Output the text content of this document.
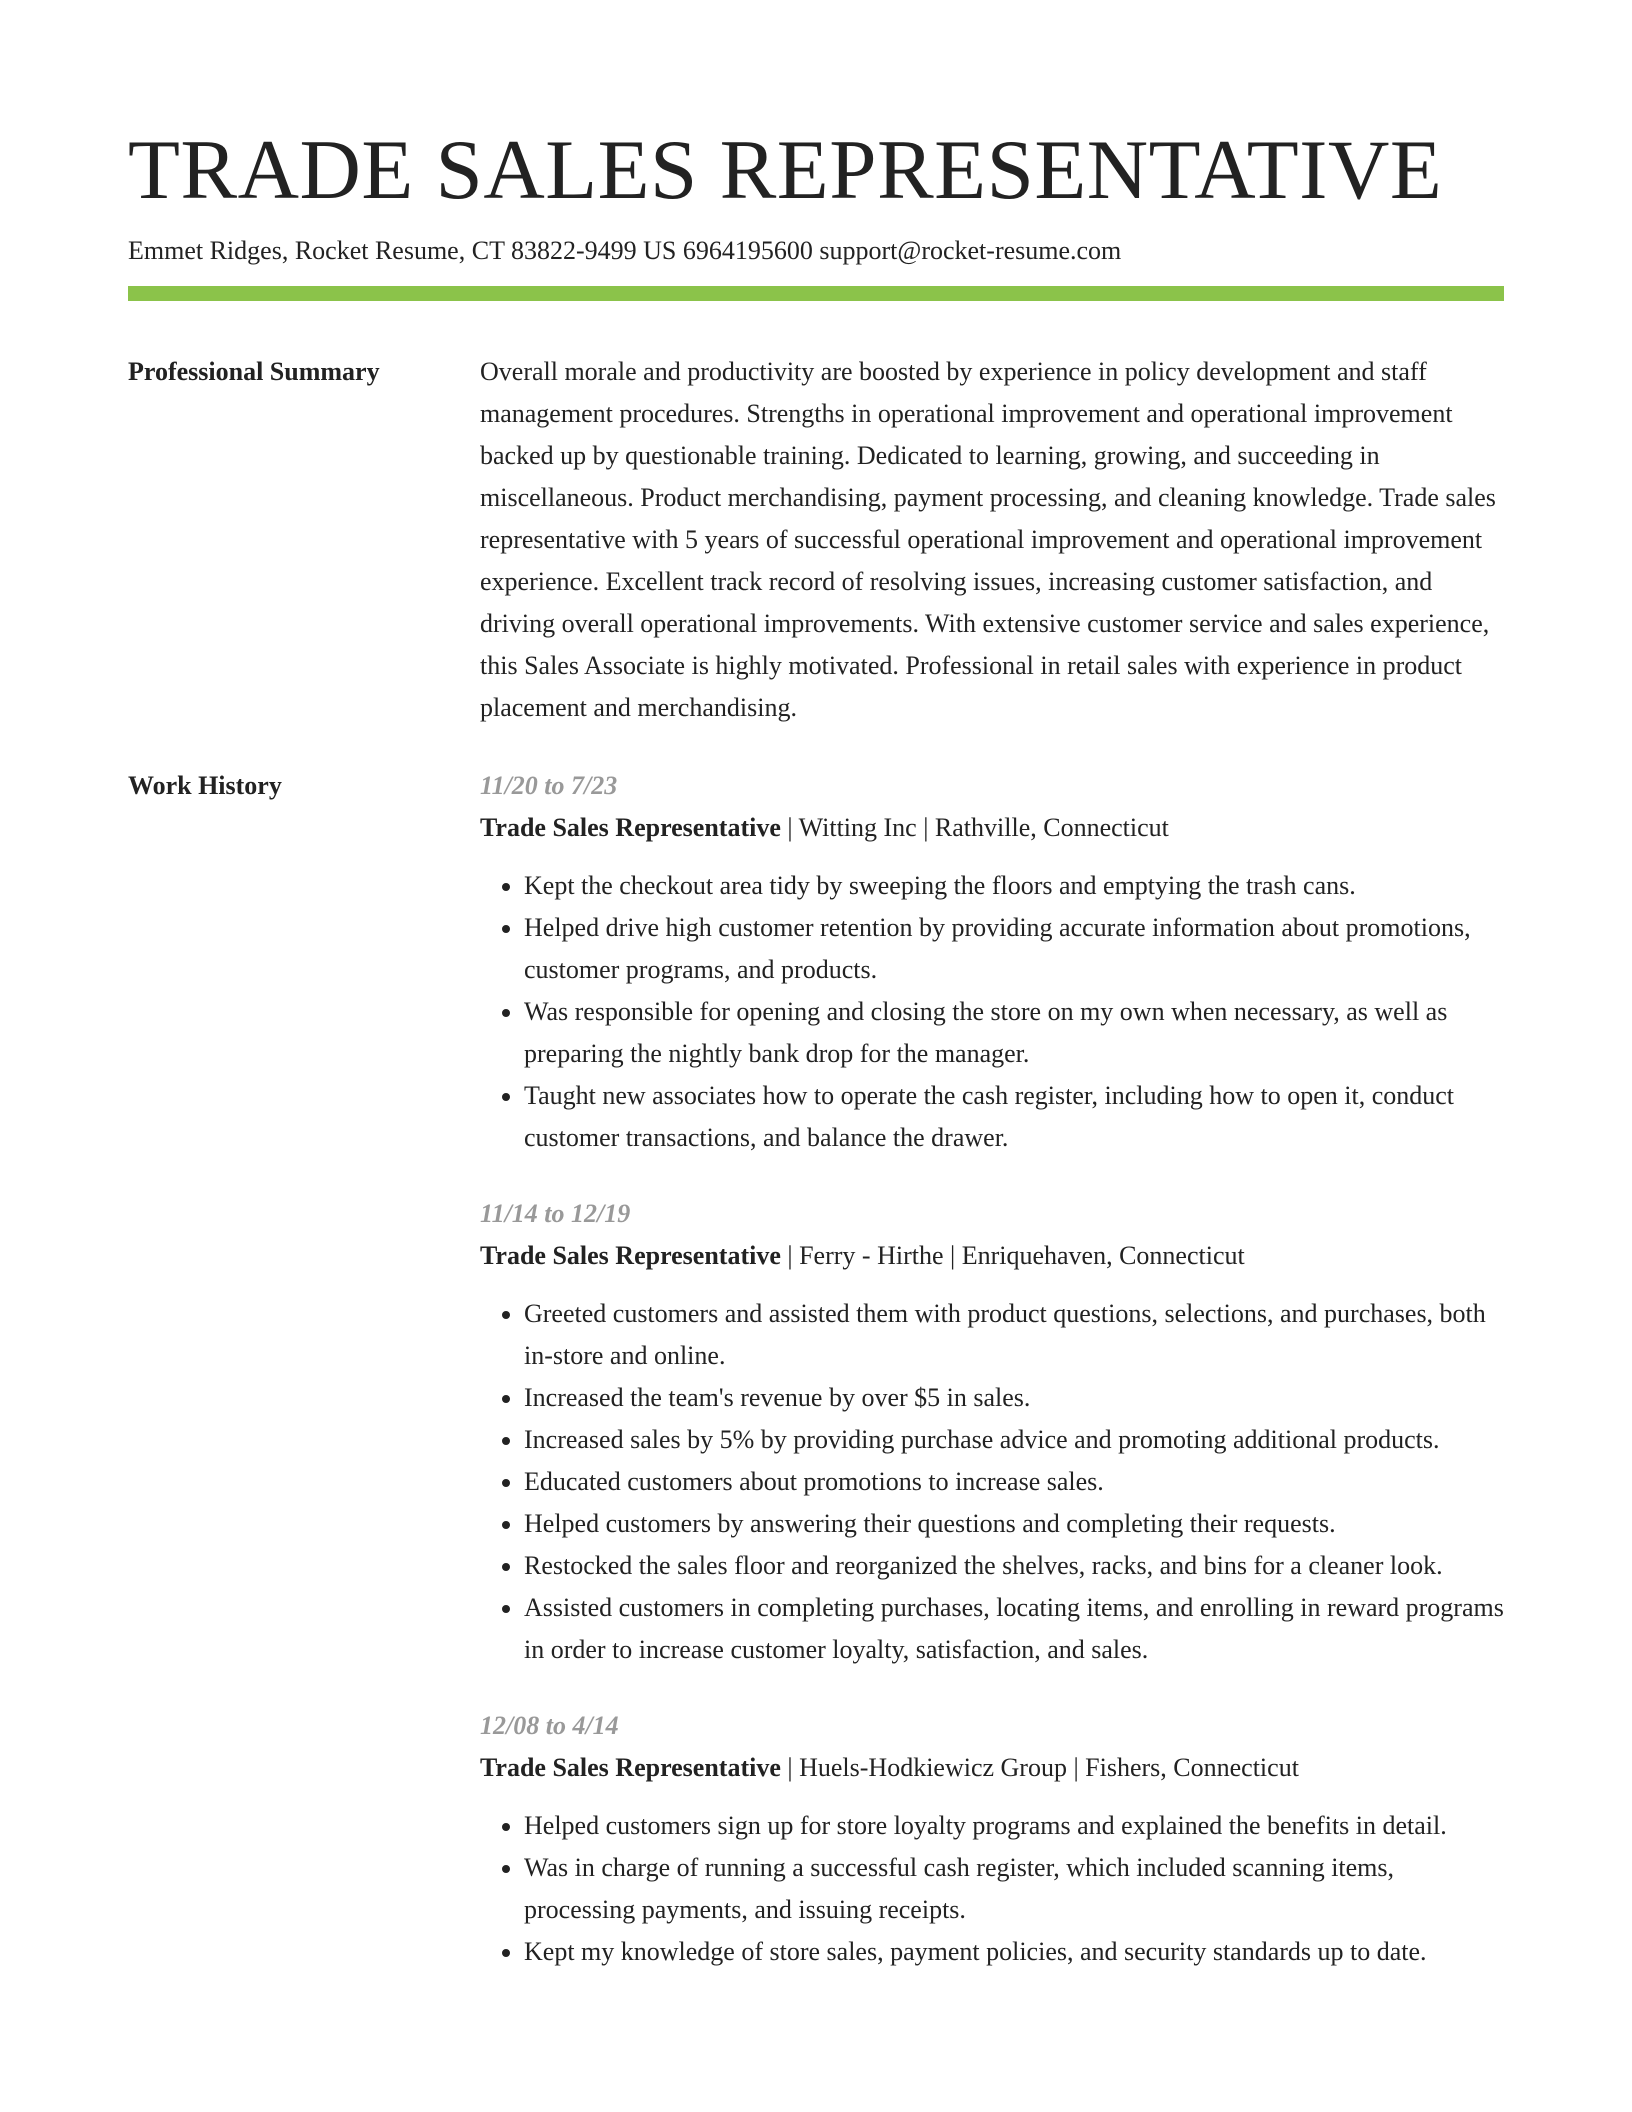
TRADE SALES REPRESENTATIVE
Emmet Ridges, Rocket Resume, CT 83822-9499 US 6964195600 support@rocket-resume.com
Professional Summary	Overall morale and productivity are boosted by experience in policy development and staff management procedures. Strengths in operational improvement and operational improvement backed up by questionable training. Dedicated to learning, growing, and succeeding in miscellaneous. Product merchandising, payment processing, and cleaning knowledge. Trade sales representative with 5 years of successful operational improvement and operational improvement experience. Excellent track record of resolving issues, increasing customer satisfaction, and driving overall operational improvements. With extensive customer service and sales experience, this Sales Associate is highly motivated. Professional in retail sales with experience in product placement and merchandising.

Work History	11/20 to 7/23
Trade Sales Representative | Witting Inc | Rathville, Connecticut
• Kept the checkout area tidy by sweeping the floors and emptying the trash cans.
• Helped drive high customer retention by providing accurate information about promotions, customer programs, and products.
• Was responsible for opening and closing the store on my own when necessary, as well as preparing the nightly bank drop for the manager.
• Taught new associates how to operate the cash register, including how to open it, conduct customer transactions, and balance the drawer.
11/14 to 12/19
Trade Sales Representative | Ferry - Hirthe | Enriquehaven, Connecticut
• Greeted customers and assisted them with product questions, selections, and purchases, both in-store and online.
• Increased the team's revenue by over $5 in sales.
• Increased sales by 5% by providing purchase advice and promoting additional products.
• Educated customers about promotions to increase sales.
• Helped customers by answering their questions and completing their requests.
• Restocked the sales floor and reorganized the shelves, racks, and bins for a cleaner look.
• Assisted customers in completing purchases, locating items, and enrolling in reward programs in order to increase customer loyalty, satisfaction, and sales.
12/08 to 4/14
Trade Sales Representative | Huels-Hodkiewicz Group | Fishers, Connecticut
• Helped customers sign up for store loyalty programs and explained the benefits in detail.
• Was in charge of running a successful cash register, which included scanning items, processing payments, and issuing receipts.
• Kept my knowledge of store sales, payment policies, and security standards up to date.
